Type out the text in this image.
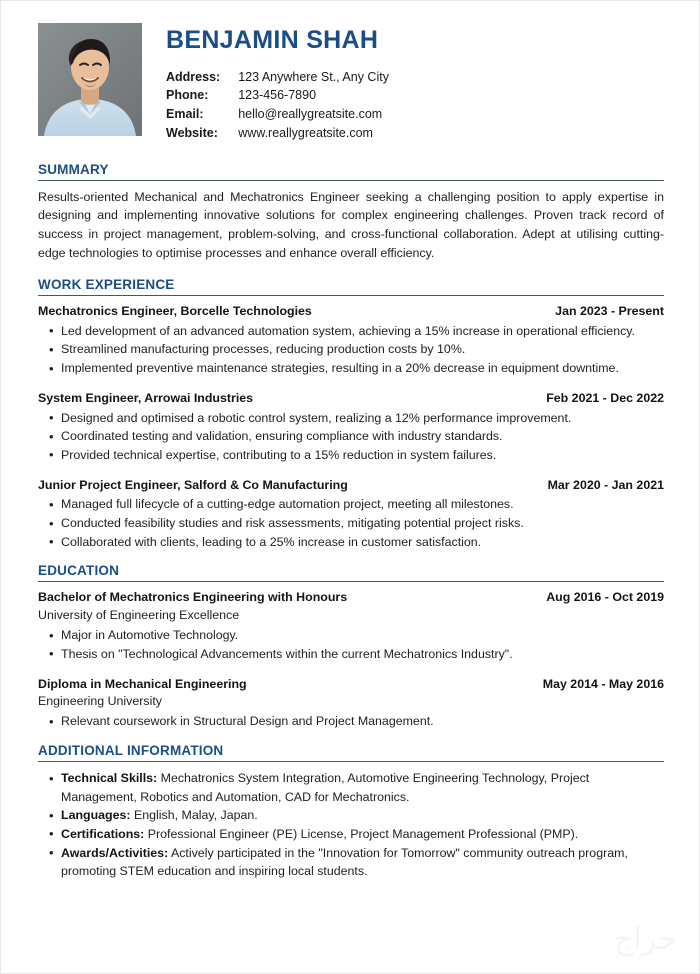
BENJAMIN SHAH
Address:	123 Anywhere St., Any City
Phone:	123-456-7890
Email:	hello@reallygreatsite.com
Website:	www.reallygreatsite.com
SUMMARY

Results-oriented Mechanical and Mechatronics Engineer seeking a challenging position to apply expertise in designing and implementing innovative solutions for complex engineering challenges. Proven track record of success in project management, problem-solving, and cross-functional collaboration. Adept at utilising cutting-edge technologies to optimise processes and enhance overall efficiency.

WORK EXPERIENCE
Mechatronics Engineer, Borcelle Technologies	Jan 2023 - Present
• Led development of an advanced automation system, achieving a 15% increase in operational efficiency.
• Streamlined manufacturing processes, reducing production costs by 10%.
• Implemented preventive maintenance strategies, resulting in a 20% decrease in equipment downtime.
System Engineer, Arrowai Industries	Feb 2021 - Dec 2022
• Designed and optimised a robotic control system, realizing a 12% performance improvement.
• Coordinated testing and validation, ensuring compliance with industry standards.
• Provided technical expertise, contributing to a 15% reduction in system failures.
Junior Project Engineer, Salford & Co Manufacturing	Mar 2020 - Jan 2021
• Managed full lifecycle of a cutting-edge automation project, meeting all milestones.
• Conducted feasibility studies and risk assessments, mitigating potential project risks.
• Collaborated with clients, leading to a 25% increase in customer satisfaction.
EDUCATION
Bachelor of Mechatronics Engineering with Honours	Aug 2016 - Oct 2019
University of Engineering Excellence
• Major in Automotive Technology.
• Thesis on "Technological Advancements within the current Mechatronics Industry".
Diploma in Mechanical Engineering	May 2014 - May 2016
Engineering University
• Relevant coursework in Structural Design and Project Management.
ADDITIONAL INFORMATION
• Technical Skills: Mechatronics System Integration, Automotive Engineering Technology, Project Management, Robotics and Automation, CAD for Mechatronics.
• Languages: English, Malay, Japan.
• Certifications: Professional Engineer (PE) License, Project Management Professional (PMP).
• Awards/Activities: Actively participated in the "Innovation for Tomorrow" community outreach program, promoting STEM education and inspiring local students.
حراج
